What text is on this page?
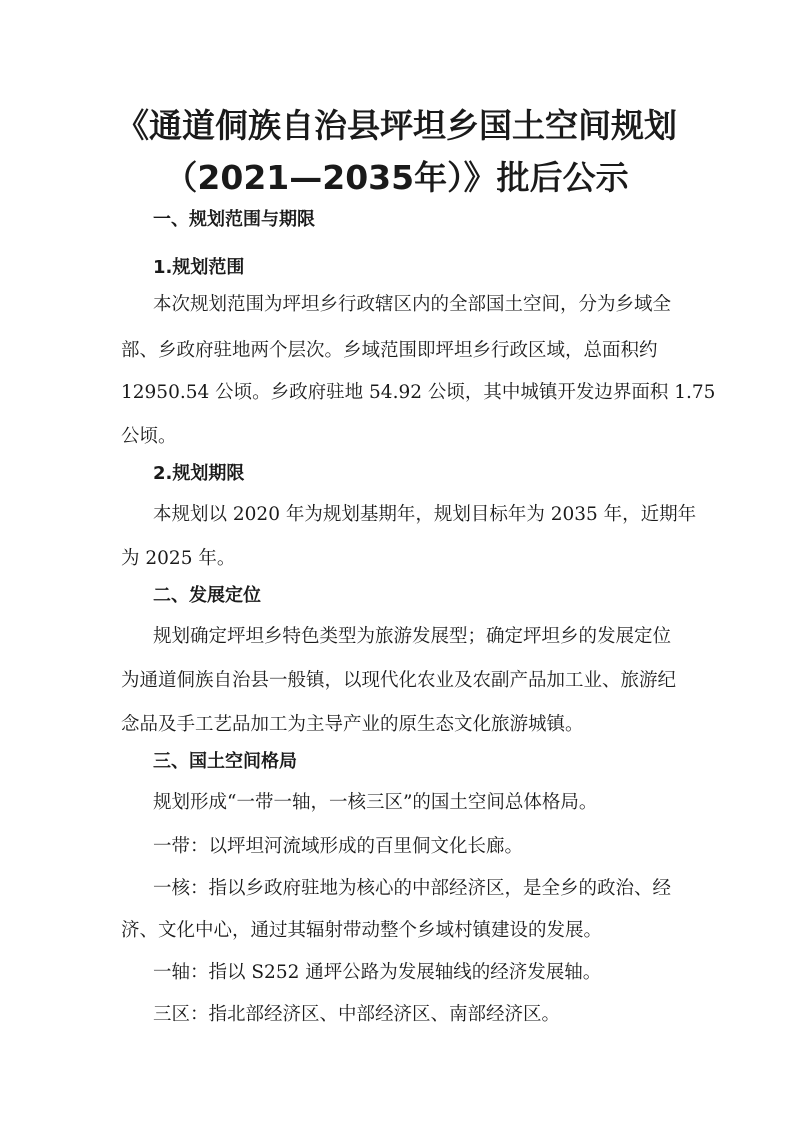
《通道侗族自治县坪坦乡国土空间规划
（2021—2035年）》批后公示
一、规划范围与期限
1.规划范围
本次规划范围为坪坦乡行政辖区内的全部国土空间，分为乡域全
部、乡政府驻地两个层次。乡域范围即坪坦乡行政区域，总面积约
12950.54 公顷。乡政府驻地 54.92 公顷，其中城镇开发边界面积 1.75
公顷。
2.规划期限
本规划以 2020 年为规划基期年，规划目标年为 2035 年，近期年
为 2025 年。
二、发展定位
规划确定坪坦乡特色类型为旅游发展型；确定坪坦乡的发展定位
为通道侗族自治县一般镇，以现代化农业及农副产品加工业、旅游纪
念品及手工艺品加工为主导产业的原生态文化旅游城镇。
三、国土空间格局
规划形成“一带一轴，一核三区”的国土空间总体格局。
一带：以坪坦河流域形成的百里侗文化长廊。
一核：指以乡政府驻地为核心的中部经济区，是全乡的政治、经
济、文化中心，通过其辐射带动整个乡域村镇建设的发展。
一轴：指以 S252 通坪公路为发展轴线的经济发展轴。
三区：指北部经济区、中部经济区、南部经济区。
